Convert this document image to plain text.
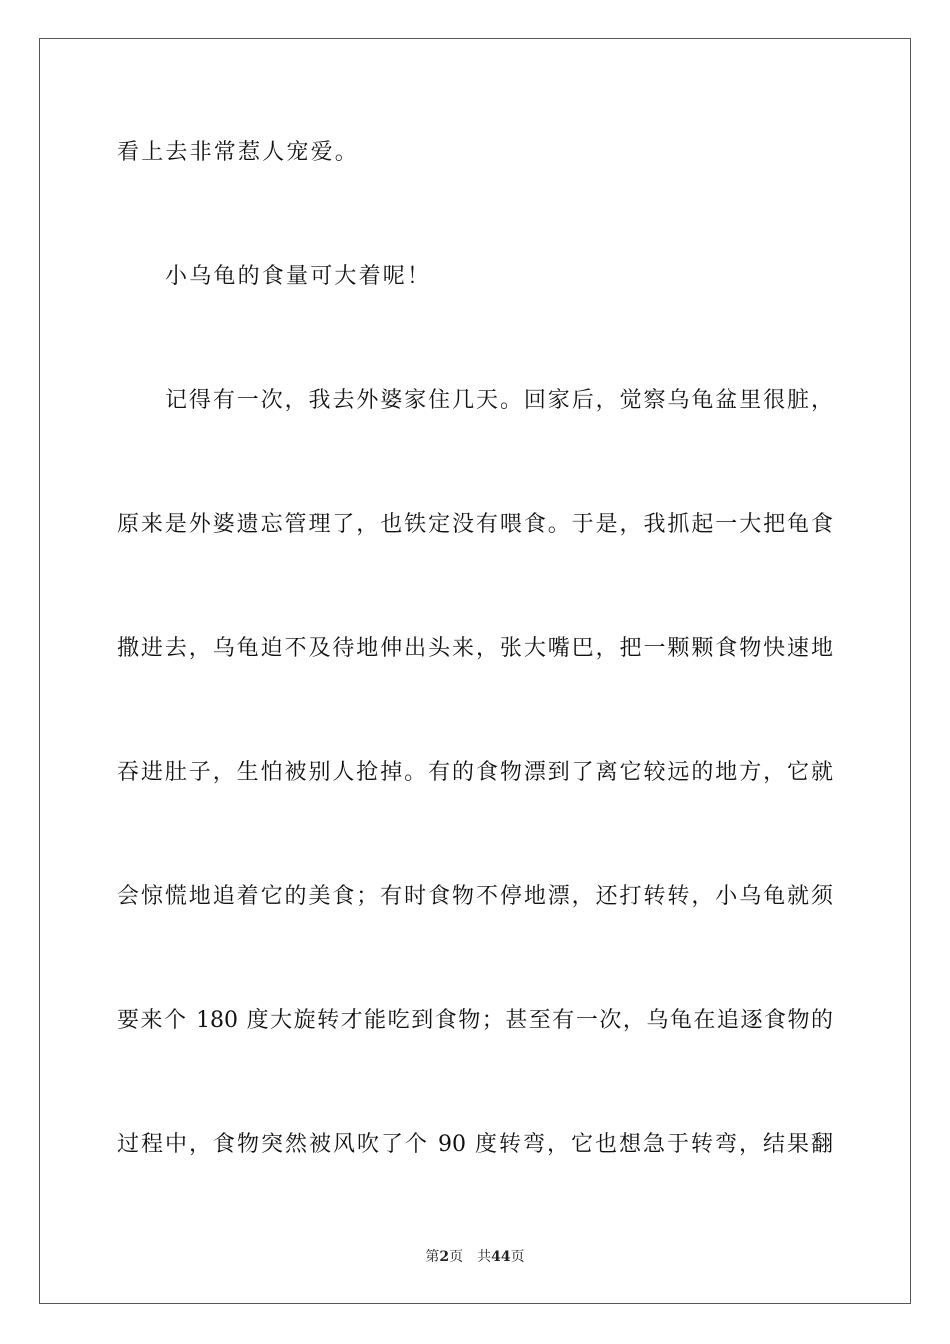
看上去非常惹人宠爱。
小乌龟的食量可大着呢！
记得有一次，我去外婆家住几天。回家后，觉察乌龟盆里很脏，
原来是外婆遗忘管理了，也铁定没有喂食。于是，我抓起一大把龟食
撒进去，乌龟迫不及待地伸出头来，张大嘴巴，把一颗颗食物快速地
吞进肚子，生怕被别人抢掉。有的食物漂到了离它较远的地方，它就
会惊慌地追着它的美食；有时食物不停地漂，还打转转，小乌龟就须
要来个 180 度大旋转才能吃到食物；甚至有一次，乌龟在追逐食物的
过程中，食物突然被风吹了个 90 度转弯，它也想急于转弯，结果翻
第2页 共44页
